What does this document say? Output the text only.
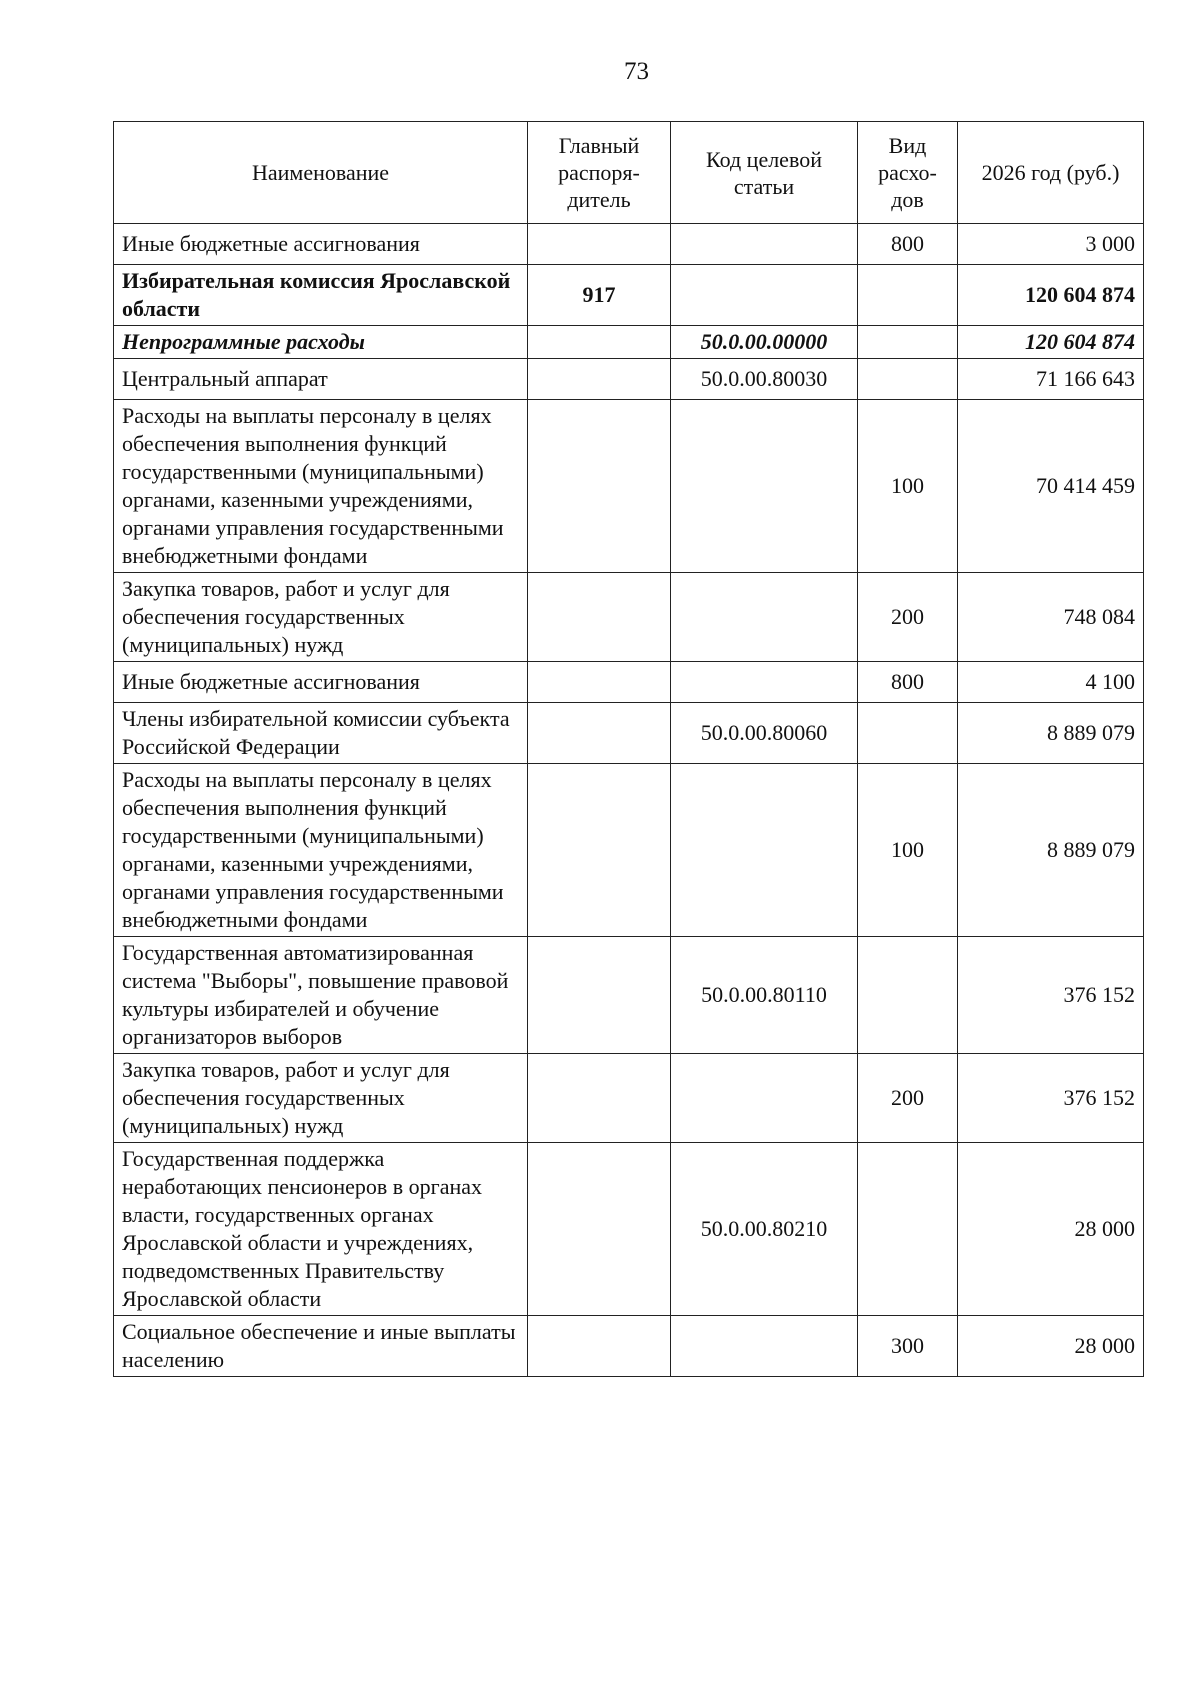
73
Наименование	Главный распоря-дитель	Код целевой статьи	Вид расхо-дов	2026 год (руб.)
Иные бюджетные ассигнования			800	3 000
Избирательная комиссия Ярославской области	917			120 604 874
Непрограммные расходы		50.0.00.00000		120 604 874
Центральный аппарат		50.0.00.80030		71 166 643
Расходы на выплаты персоналу в целях обеспечения выполнения функций государственными (муниципальными) органами, казенными учреждениями, органами управления государственными внебюджетными фондами			100	70 414 459
Закупка товаров, работ и услуг для обеспечения государственных (муниципальных) нужд			200	748 084
Иные бюджетные ассигнования			800	4 100
Члены избирательной комиссии субъекта Российской Федерации		50.0.00.80060		8 889 079
Расходы на выплаты персоналу в целях обеспечения выполнения функций государственными (муниципальными) органами, казенными учреждениями, органами управления государственными внебюджетными фондами			100	8 889 079
Государственная автоматизированная система "Выборы", повышение правовой культуры избирателей и обучение организаторов выборов		50.0.00.80110		376 152
Закупка товаров, работ и услуг для обеспечения государственных (муниципальных) нужд			200	376 152
Государственная поддержка неработающих пенсионеров в органах власти, государственных органах Ярославской области и учреждениях, подведомственных Правительству Ярославской области		50.0.00.80210		28 000
Социальное обеспечение и иные выплаты населению			300	28 000
